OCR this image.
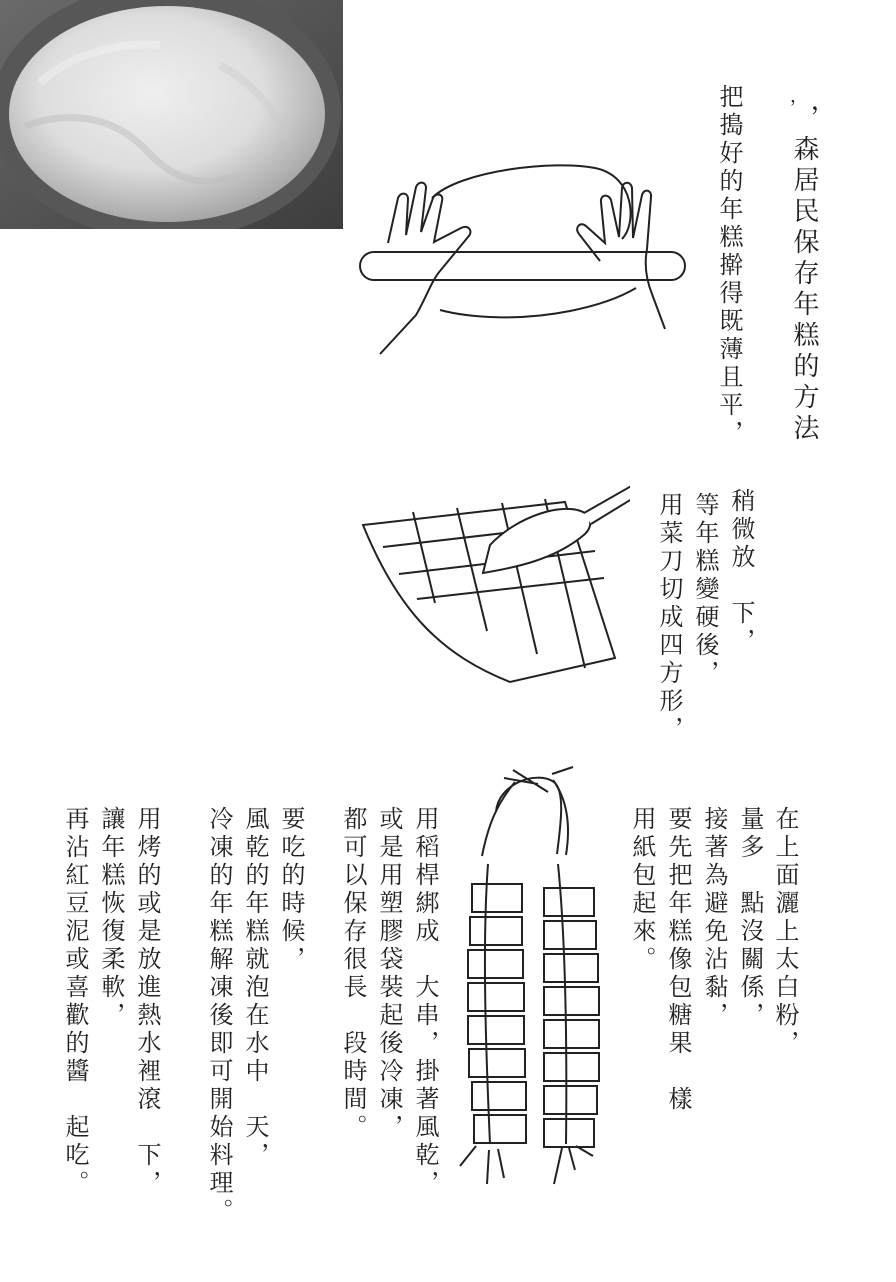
，
，森居民保存年糕的方法
把搗好的年糕擀得既薄且平，
稍微放　下，
等年糕變硬後，
用菜刀切成四方形，
在上面灑上太白粉，
量多　點沒關係，
接著為避免沾黏，
要先把年糕像包糖果　樣
用紙包起來。
用稻桿綁成　大串，掛著風乾，
或是用塑膠袋裝起後冷凍，
都可以保存很長　段時間。
要吃的時候，
風乾的年糕就泡在水中　天，
冷凍的年糕解凍後即可開始料理。
用烤的或是放進熱水裡滾　下，
讓年糕恢復柔軟，
再沾紅豆泥或喜歡的醬　起吃。
